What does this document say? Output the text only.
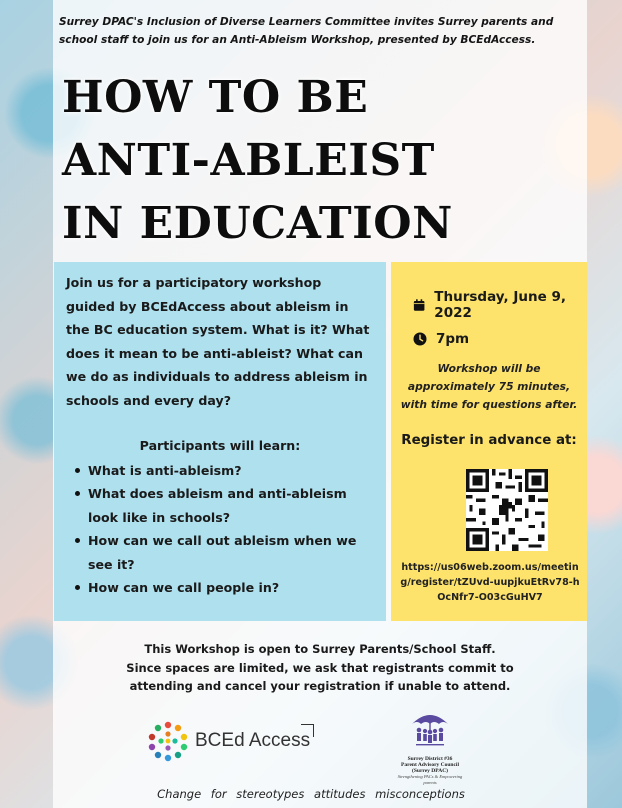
Surrey DPAC's Inclusion of Diverse Learners Committee invites Surrey parents and school staff to join us for an Anti-Ableism Workshop, presented by BCEdAccess.
HOW TO BE
ANTI-ABLEIST
IN EDUCATION

Join us for a participatory workshop guided by BCEdAccess about ableism in the BC education system. What is it? What does it mean to be anti-ableist? What can we do as individuals to address ableism in schools and every day?

Participants will learn:

What is anti-ableism?
What does ableism and anti-ableism look like in schools?
How can we call out ableism when we see it?
How can we call people in?
Thursday, June 9, 2022
7pm
Workshop will be approximately 75 minutes, with time for questions after.
Register in advance at:
https://us06web.zoom.us/meeting/register/tZUvd-uupjkuEtRv78-hOcNfr7-O03cGuHV7
This Workshop is open to Surrey Parents/School Staff.
Since spaces are limited, we ask that registrants commit to
attending and cancel your registration if unable to attend.
BCEd Access
Surrey District #36
Parent Advisory Council (Surrey DPAC)
Strengthening PACs & Empowering parents
Change for stereotypes attitudes misconceptions
